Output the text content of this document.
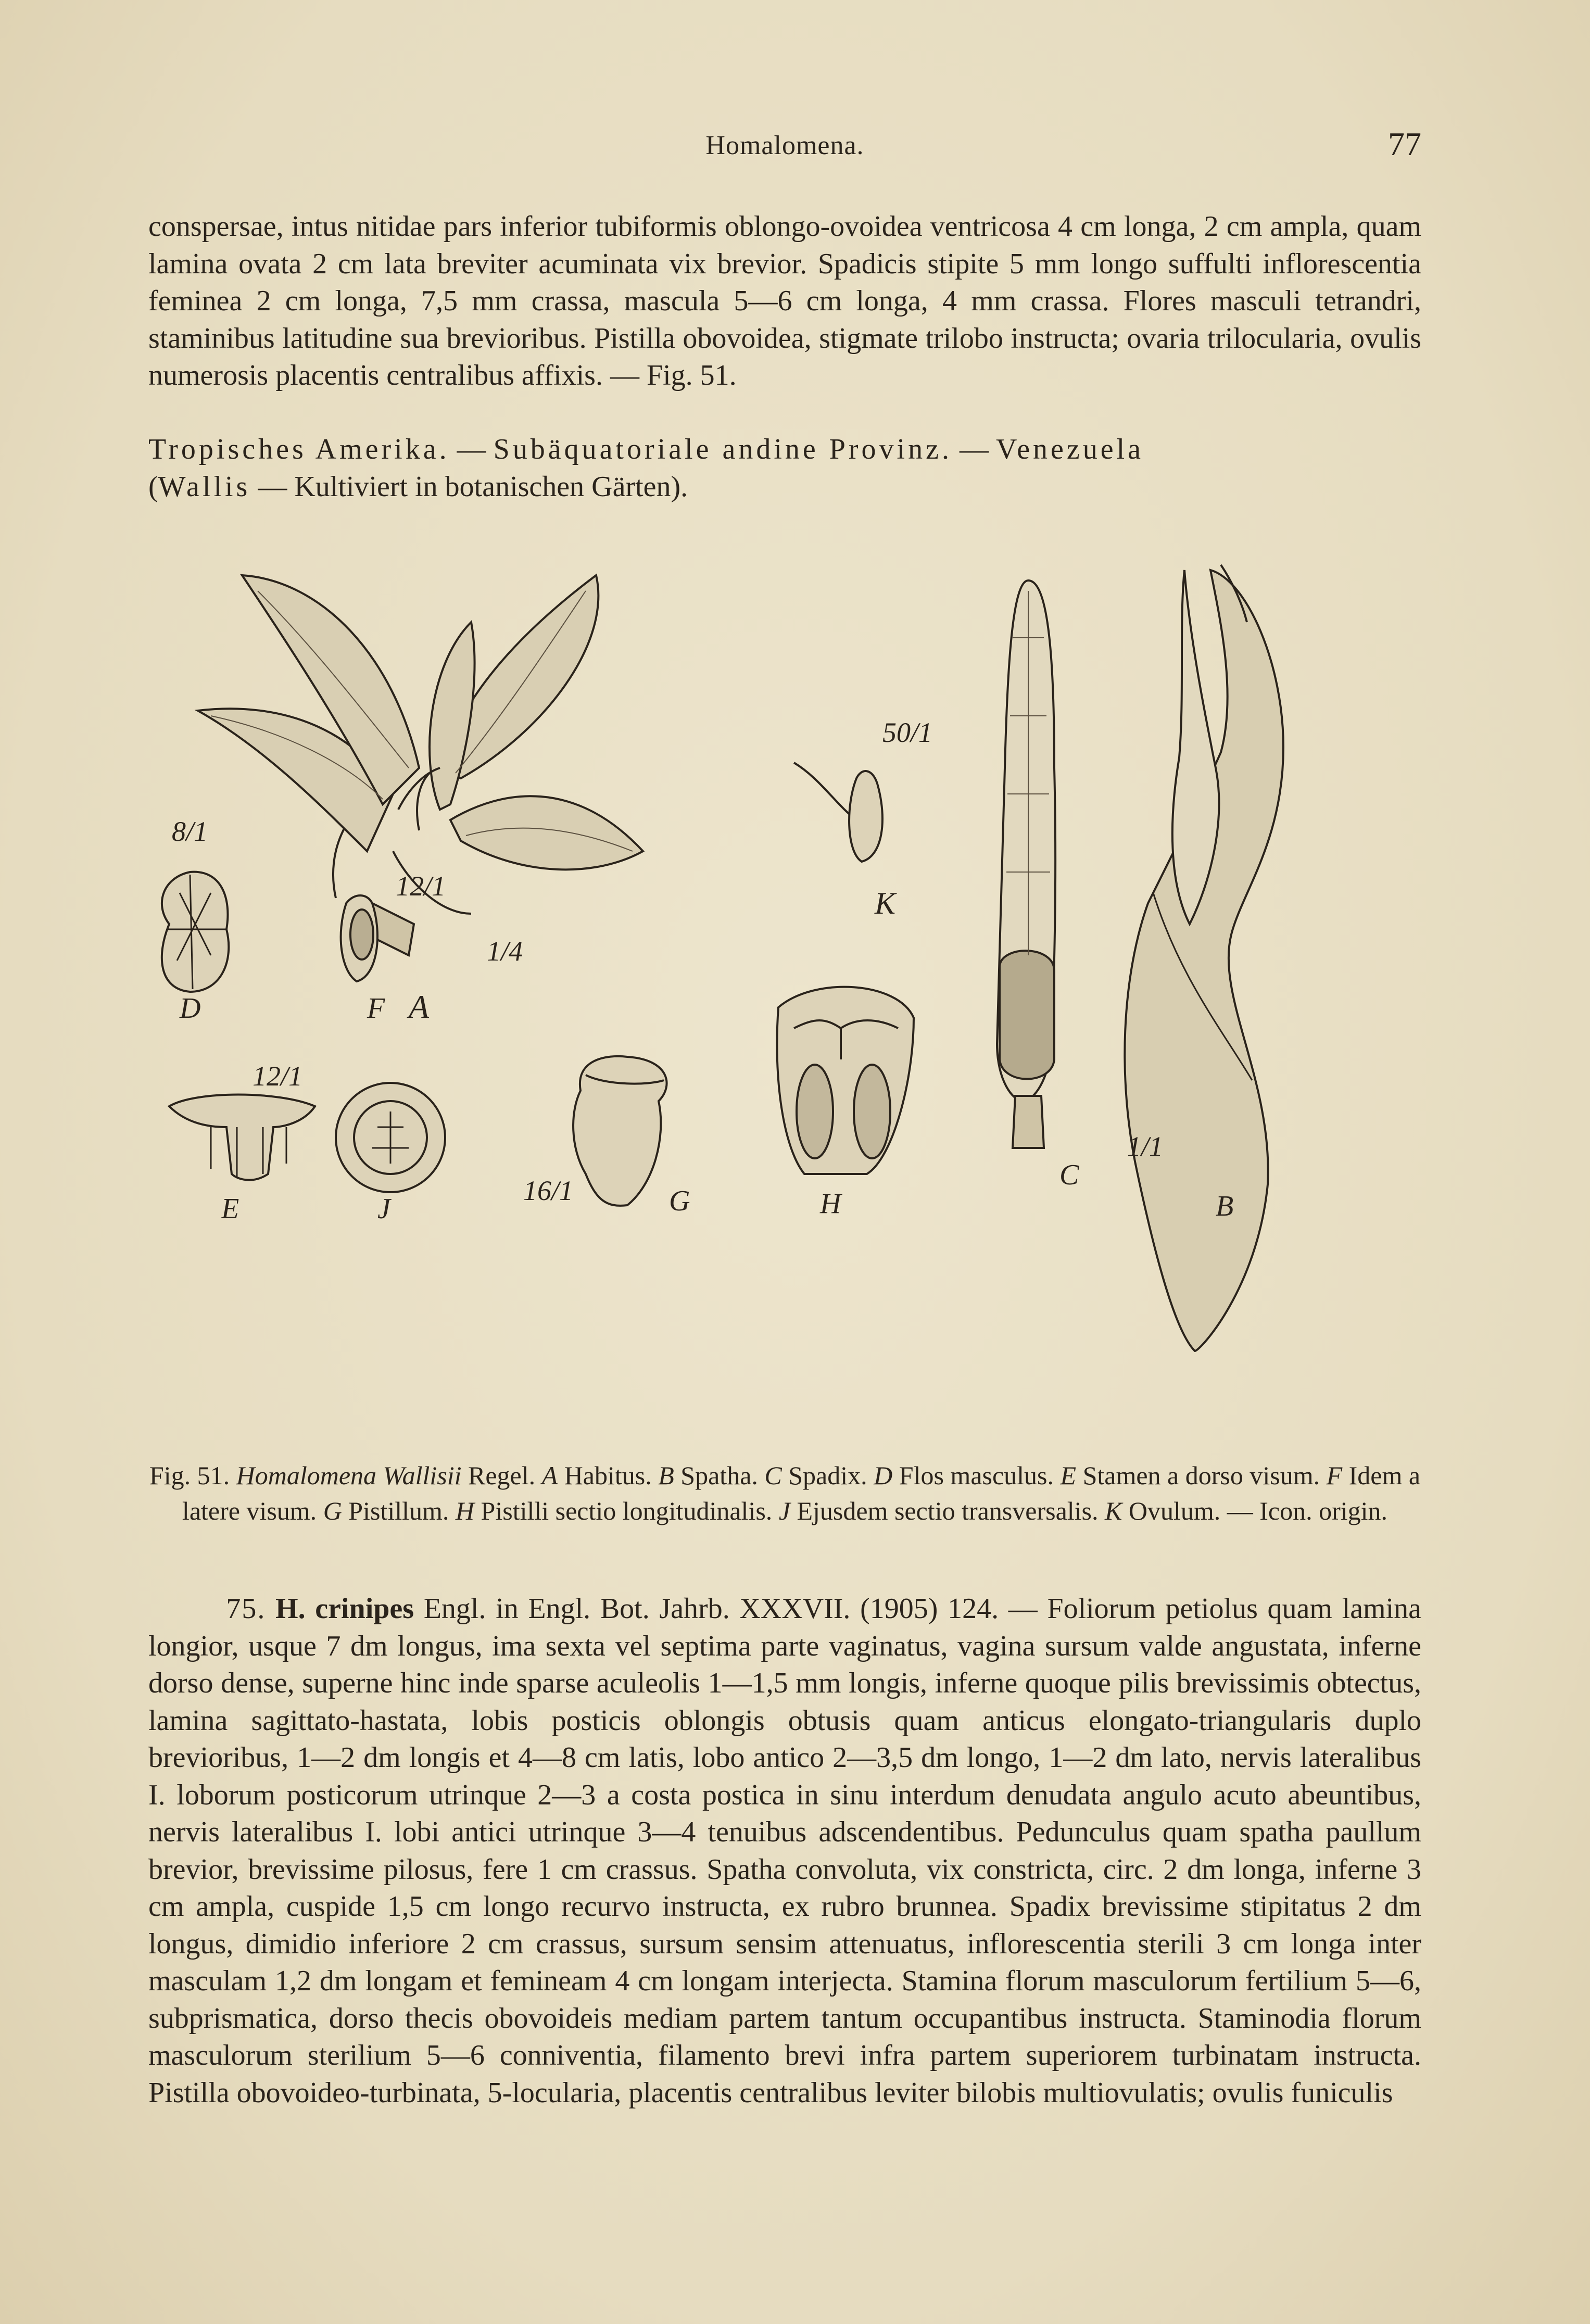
Homalomena.	77

conspersae, intus nitidae pars inferior tubiformis oblongo-ovoidea ventricosa 4 cm longa, 2 cm ampla, quam lamina ovata 2 cm lata breviter acuminata vix brevior. Spadicis stipite 5 mm longo suffulti inflorescentia feminea 2 cm longa, 7,5 mm crassa, mascula 5—6 cm longa, 4 mm crassa. Flores masculi tetrandri, staminibus latitudine sua brevioribus. Pistilla obovoidea, stigmate trilobo instructa; ovaria trilocularia, ovulis numerosis placentis centralibus affixis. — Fig. 51.

Tropisches Amerika. — Subäquatoriale andine Provinz. — Venezuela
(Wallis — Kultiviert in botanischen Gärten).

A
1/4
8/1
D
12/1
F
12/1
E	J
16/1	G	H
50/1
K
C
B
1/1
Fig. 51. Homalomena Wallisii Regel. A Habitus. B Spatha. C Spadix. D Flos masculus. E Stamen a dorso visum. F Idem a latere visum. G Pistillum. H Pistilli sectio longitudinalis. J Ejusdem sectio transversalis. K Ovulum. — Icon. origin.

75. H. crinipes Engl. in Engl. Bot. Jahrb. XXXVII. (1905) 124. — Foliorum petiolus quam lamina longior, usque 7 dm longus, ima sexta vel septima parte vaginatus, vagina sursum valde angustata, inferne dorso dense, superne hinc inde sparse aculeolis 1—1,5 mm longis, inferne quoque pilis brevissimis obtectus, lamina sagittato-hastata, lobis posticis oblongis obtusis quam anticus elongato-triangularis duplo brevioribus, 1—2 dm longis et 4—8 cm latis, lobo antico 2—3,5 dm longo, 1—2 dm lato, nervis lateralibus I. loborum posticorum utrinque 2—3 a costa postica in sinu interdum denudata angulo acuto abeuntibus, nervis lateralibus I. lobi antici utrinque 3—4 tenuibus adscendentibus. Pedunculus quam spatha paullum brevior, brevissime pilosus, fere 1 cm crassus. Spatha convoluta, vix constricta, circ. 2 dm longa, inferne 3 cm ampla, cuspide 1,5 cm longo recurvo instructa, ex rubro brunnea. Spadix brevissime stipitatus 2 dm longus, dimidio inferiore 2 cm crassus, sursum sensim attenuatus, inflorescentia sterili 3 cm longa inter masculam 1,2 dm longam et femineam 4 cm longam interjecta. Stamina florum masculorum fertilium 5—6, subprismatica, dorso thecis obovoideis mediam partem tantum occupantibus instructa. Staminodia florum masculorum sterilium 5—6 conniventia, filamento brevi infra partem superiorem turbinatam instructa. Pistilla obovoideo-turbinata, 5-locularia, placentis centralibus leviter bilobis multiovulatis; ovulis funiculis
